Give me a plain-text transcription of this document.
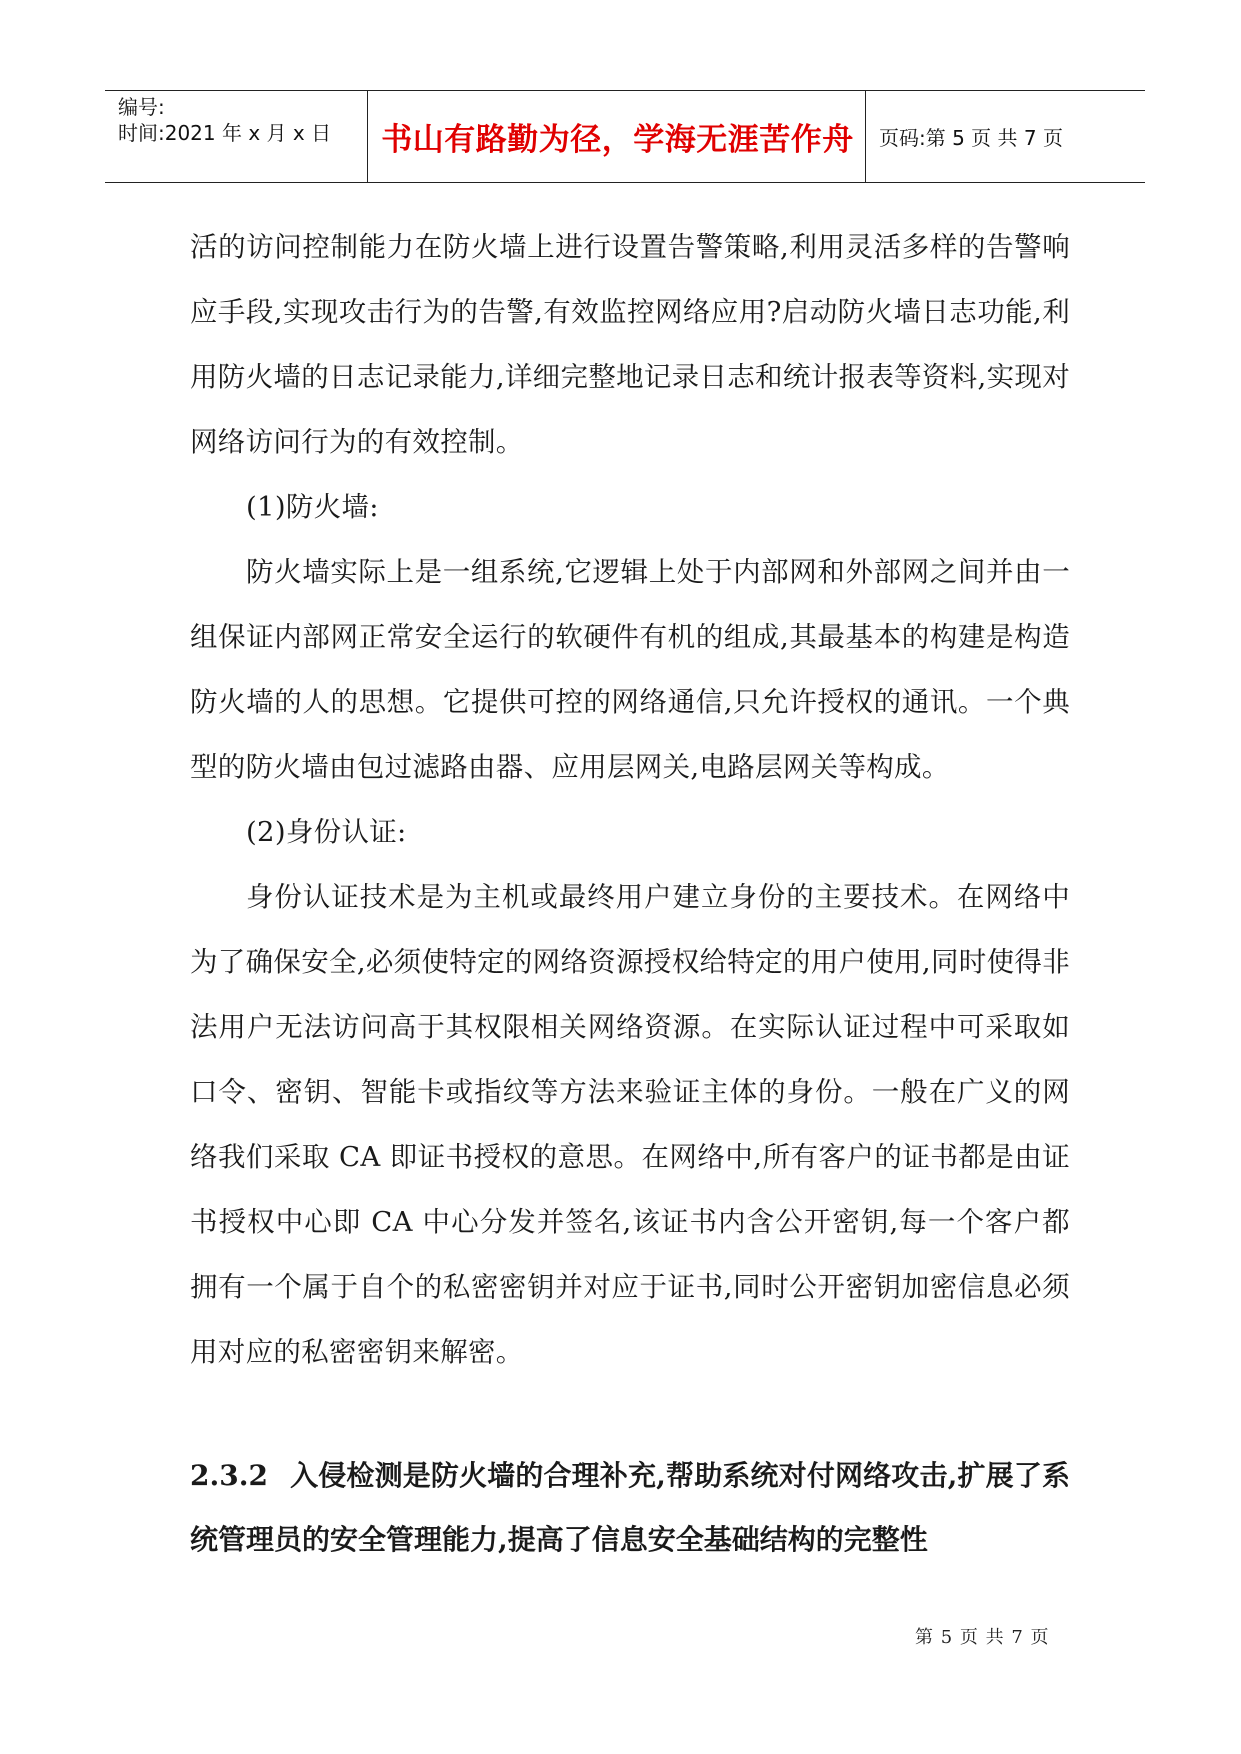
编号:
时间:2021 年 x 月 x 日	书山有路勤为径，学海无涯苦作舟	页码:第 5 页 共 7 页

活的访问控制能力在防火墙上进行设置告警策略,利用灵活多样的告警响应手段,实现攻击行为的告警,有效监控网络应用?启动防火墙日志功能,利用防火墙的日志记录能力,详细完整地记录日志和统计报表等资料,实现对网络访问行为的有效控制。

(1)防火墙:

防火墙实际上是一组系统,它逻辑上处于内部网和外部网之间并由一组保证内部网正常安全运行的软硬件有机的组成,其最基本的构建是构造防火墙的人的思想。它提供可控的网络通信,只允许授权的通讯。一个典型的防火墙由包过滤路由器、应用层网关,电路层网关等构成。

(2)身份认证:

身份认证技术是为主机或最终用户建立身份的主要技术。在网络中为了确保安全,必须使特定的网络资源授权给特定的用户使用,同时使得非法用户无法访问高于其权限相关网络资源。在实际认证过程中可采取如口令、密钥、智能卡或指纹等方法来验证主体的身份。一般在广义的网络我们采取 CA 即证书授权的意思。在网络中,所有客户的证书都是由证书授权中心即 CA 中心分发并签名,该证书内含公开密钥,每一个客户都拥有一个属于自个的私密密钥并对应于证书,同时公开密钥加密信息必须用对应的私密密钥来解密。

2.3.2 入侵检测是防火墙的合理补充,帮助系统对付网络攻击,扩展了系统管理员的安全管理能力,提高了信息安全基础结构的完整性
第 5 页 共 7 页
